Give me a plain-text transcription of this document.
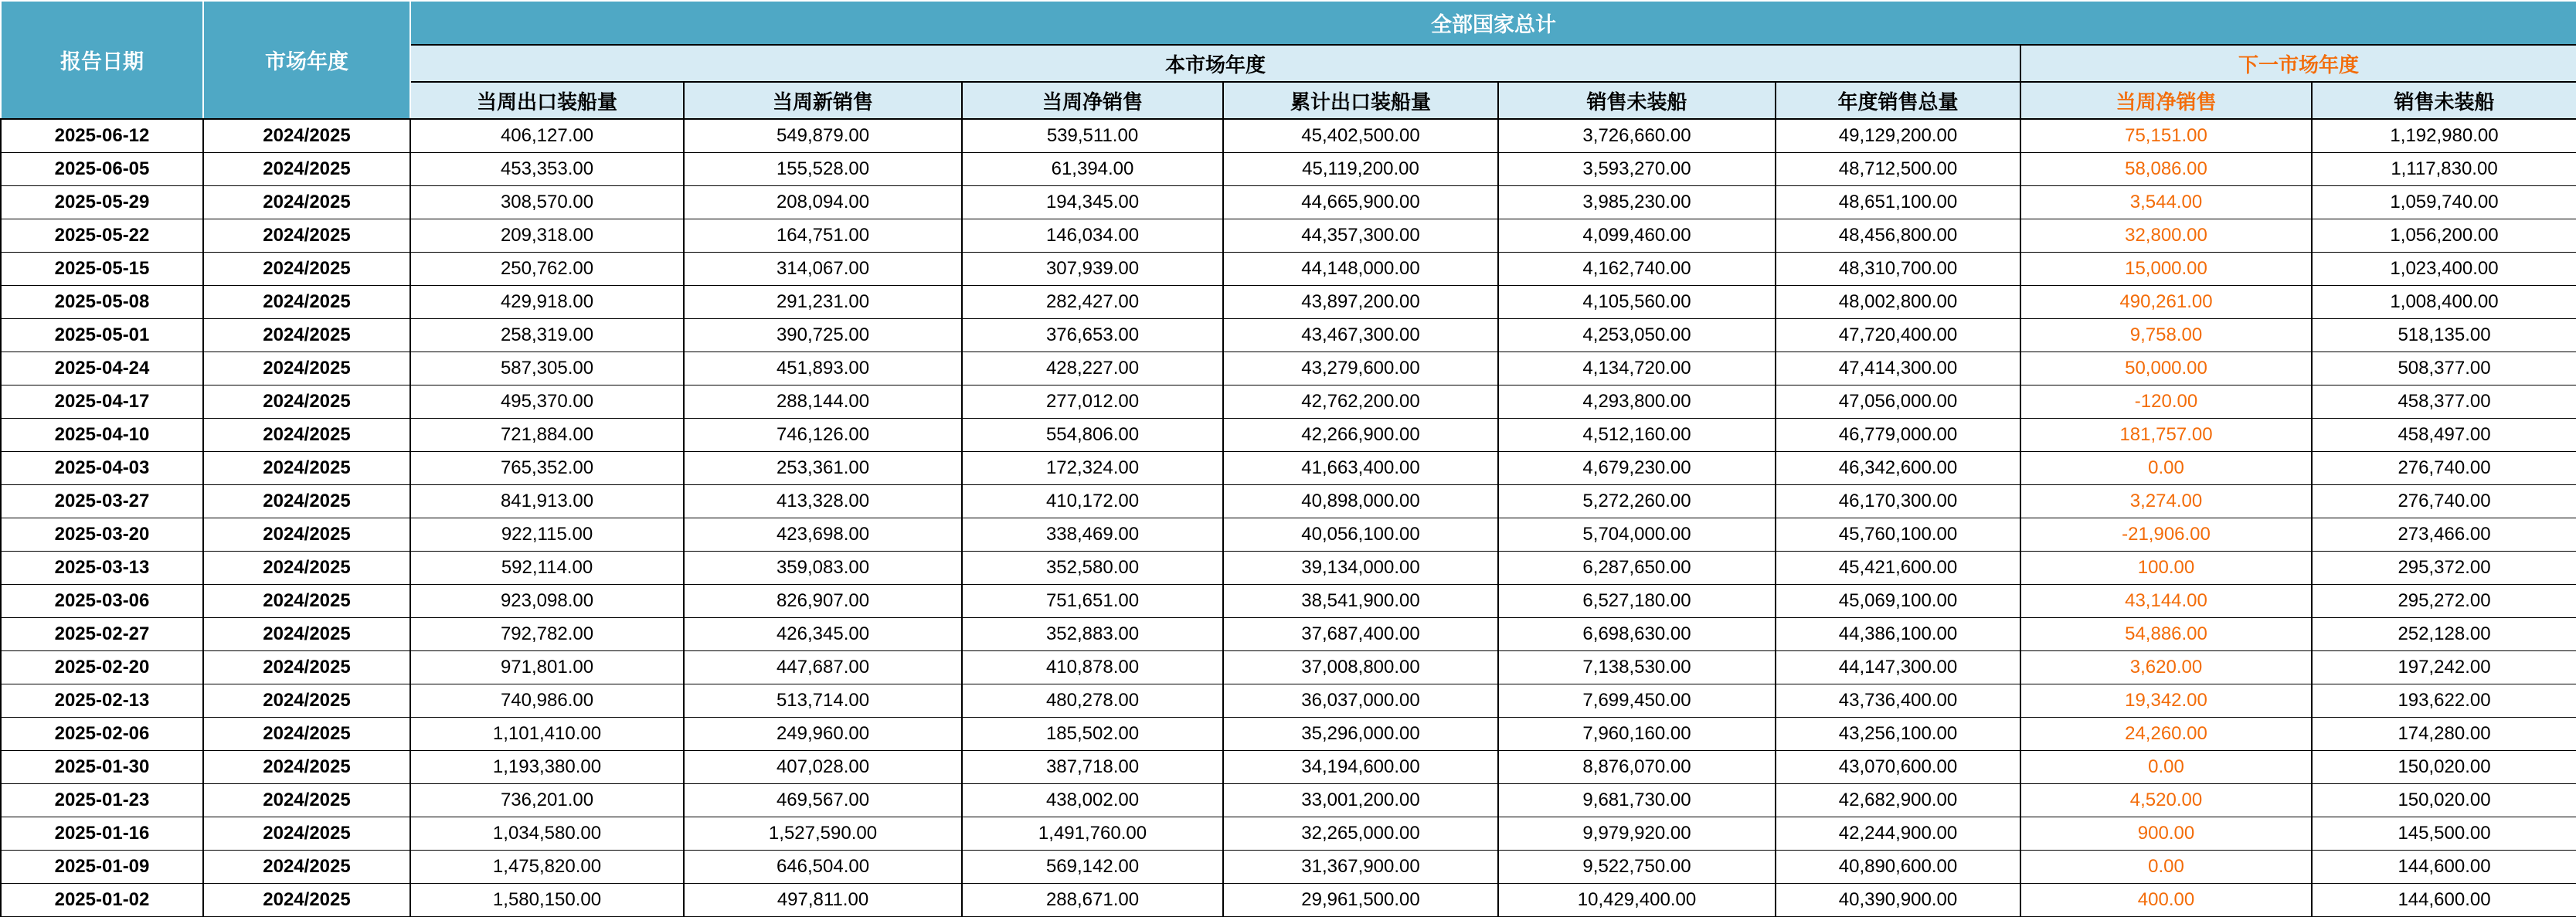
报告日期	市场年度	全部国家总计							
		本市场年度						下一市场年度	
		当周出口装船量	当周新销售	当周净销售	累计出口装船量	销售未装船	年度销售总量	当周净销售	销售未装船
2025-06-12	2024/2025	406,127.00	549,879.00	539,511.00	45,402,500.00	3,726,660.00	49,129,200.00	75,151.00	1,192,980.00
2025-06-05	2024/2025	453,353.00	155,528.00	61,394.00	45,119,200.00	3,593,270.00	48,712,500.00	58,086.00	1,117,830.00
2025-05-29	2024/2025	308,570.00	208,094.00	194,345.00	44,665,900.00	3,985,230.00	48,651,100.00	3,544.00	1,059,740.00
2025-05-22	2024/2025	209,318.00	164,751.00	146,034.00	44,357,300.00	4,099,460.00	48,456,800.00	32,800.00	1,056,200.00
2025-05-15	2024/2025	250,762.00	314,067.00	307,939.00	44,148,000.00	4,162,740.00	48,310,700.00	15,000.00	1,023,400.00
2025-05-08	2024/2025	429,918.00	291,231.00	282,427.00	43,897,200.00	4,105,560.00	48,002,800.00	490,261.00	1,008,400.00
2025-05-01	2024/2025	258,319.00	390,725.00	376,653.00	43,467,300.00	4,253,050.00	47,720,400.00	9,758.00	518,135.00
2025-04-24	2024/2025	587,305.00	451,893.00	428,227.00	43,279,600.00	4,134,720.00	47,414,300.00	50,000.00	508,377.00
2025-04-17	2024/2025	495,370.00	288,144.00	277,012.00	42,762,200.00	4,293,800.00	47,056,000.00	-120.00	458,377.00
2025-04-10	2024/2025	721,884.00	746,126.00	554,806.00	42,266,900.00	4,512,160.00	46,779,000.00	181,757.00	458,497.00
2025-04-03	2024/2025	765,352.00	253,361.00	172,324.00	41,663,400.00	4,679,230.00	46,342,600.00	0.00	276,740.00
2025-03-27	2024/2025	841,913.00	413,328.00	410,172.00	40,898,000.00	5,272,260.00	46,170,300.00	3,274.00	276,740.00
2025-03-20	2024/2025	922,115.00	423,698.00	338,469.00	40,056,100.00	5,704,000.00	45,760,100.00	-21,906.00	273,466.00
2025-03-13	2024/2025	592,114.00	359,083.00	352,580.00	39,134,000.00	6,287,650.00	45,421,600.00	100.00	295,372.00
2025-03-06	2024/2025	923,098.00	826,907.00	751,651.00	38,541,900.00	6,527,180.00	45,069,100.00	43,144.00	295,272.00
2025-02-27	2024/2025	792,782.00	426,345.00	352,883.00	37,687,400.00	6,698,630.00	44,386,100.00	54,886.00	252,128.00
2025-02-20	2024/2025	971,801.00	447,687.00	410,878.00	37,008,800.00	7,138,530.00	44,147,300.00	3,620.00	197,242.00
2025-02-13	2024/2025	740,986.00	513,714.00	480,278.00	36,037,000.00	7,699,450.00	43,736,400.00	19,342.00	193,622.00
2025-02-06	2024/2025	1,101,410.00	249,960.00	185,502.00	35,296,000.00	7,960,160.00	43,256,100.00	24,260.00	174,280.00
2025-01-30	2024/2025	1,193,380.00	407,028.00	387,718.00	34,194,600.00	8,876,070.00	43,070,600.00	0.00	150,020.00
2025-01-23	2024/2025	736,201.00	469,567.00	438,002.00	33,001,200.00	9,681,730.00	42,682,900.00	4,520.00	150,020.00
2025-01-16	2024/2025	1,034,580.00	1,527,590.00	1,491,760.00	32,265,000.00	9,979,920.00	42,244,900.00	900.00	145,500.00
2025-01-09	2024/2025	1,475,820.00	646,504.00	569,142.00	31,367,900.00	9,522,750.00	40,890,600.00	0.00	144,600.00
2025-01-02	2024/2025	1,580,150.00	497,811.00	288,671.00	29,961,500.00	10,429,400.00	40,390,900.00	400.00	144,600.00
